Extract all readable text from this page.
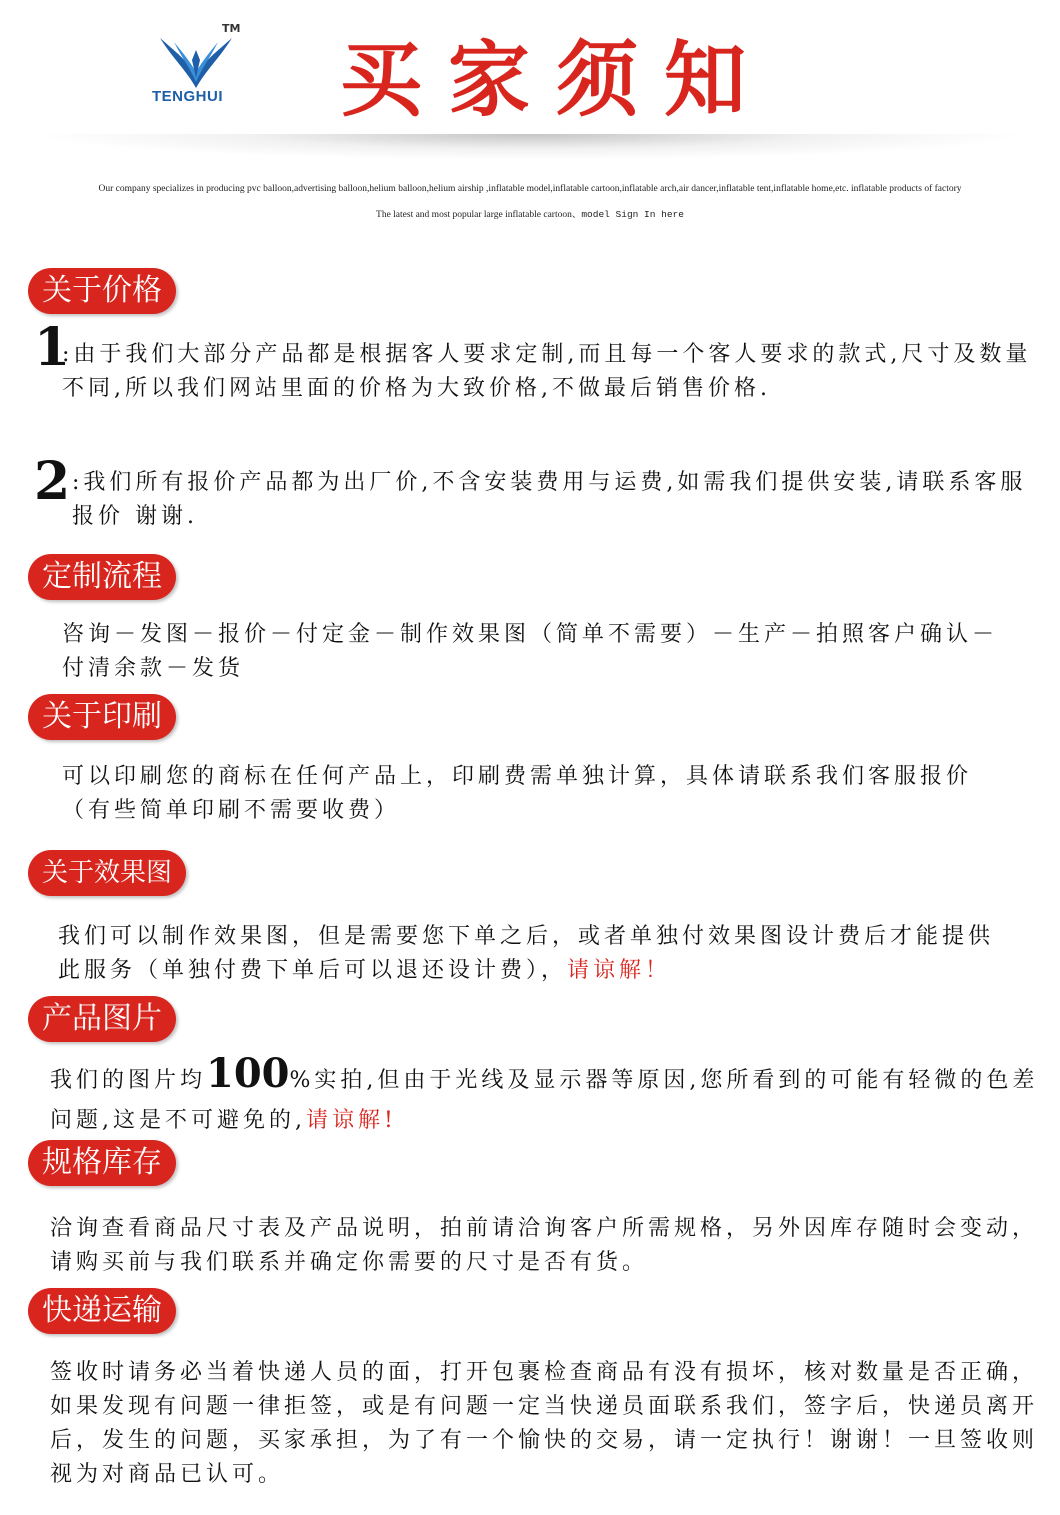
TM
TENGHUI 买家须知
Our company specializes in producing pvc balloon,advertising balloon,helium balloon,helium airship ,inflatable model,inflatable cartoon,inflatable arch,air dancer,inflatable tent,inflatable home,etc. inflatable products of factory
The latest and most popular large inflatable cartoon、model Sign In here
关于价格
1
:由于我们大部分产品都是根据客人要求定制,而且每一个客人要求的款式,尺寸及数量不同,所以我们网站里面的价格为大致价格,不做最后销售价格.
2 :我们所有报价产品都为出厂价,不含安装费用与运费,如需我们提供安装,请联系客服报价 谢谢.
定制流程
咨询－发图－报价－付定金－制作效果图（简单不需要）－生产－拍照客户确认－付清余款－发货
关于印刷
可以印刷您的商标在任何产品上，印刷费需单独计算，具体请联系我们客服报价（有些简单印刷不需要收费）
关于效果图
我们可以制作效果图，但是需要您下单之后，或者单独付效果图设计费后才能提供此服务（单独付费下单后可以退还设计费），请谅解！
产品图片
我们的图片均100%实拍,但由于光线及显示器等原因,您所看到的可能有轻微的色差问题,这是不可避免的,请谅解!
规格库存
洽询查看商品尺寸表及产品说明，拍前请洽询客户所需规格，另外因库存随时会变动，请购买前与我们联系并确定你需要的尺寸是否有货。
快递运输
签收时请务必当着快递人员的面，打开包裹检查商品有没有损坏，核对数量是否正确，如果发现有问题一律拒签，或是有问题一定当快递员面联系我们，签字后，快递员离开后，发生的问题，买家承担，为了有一个愉快的交易，请一定执行！谢谢！一旦签收则视为对商品已认可。
